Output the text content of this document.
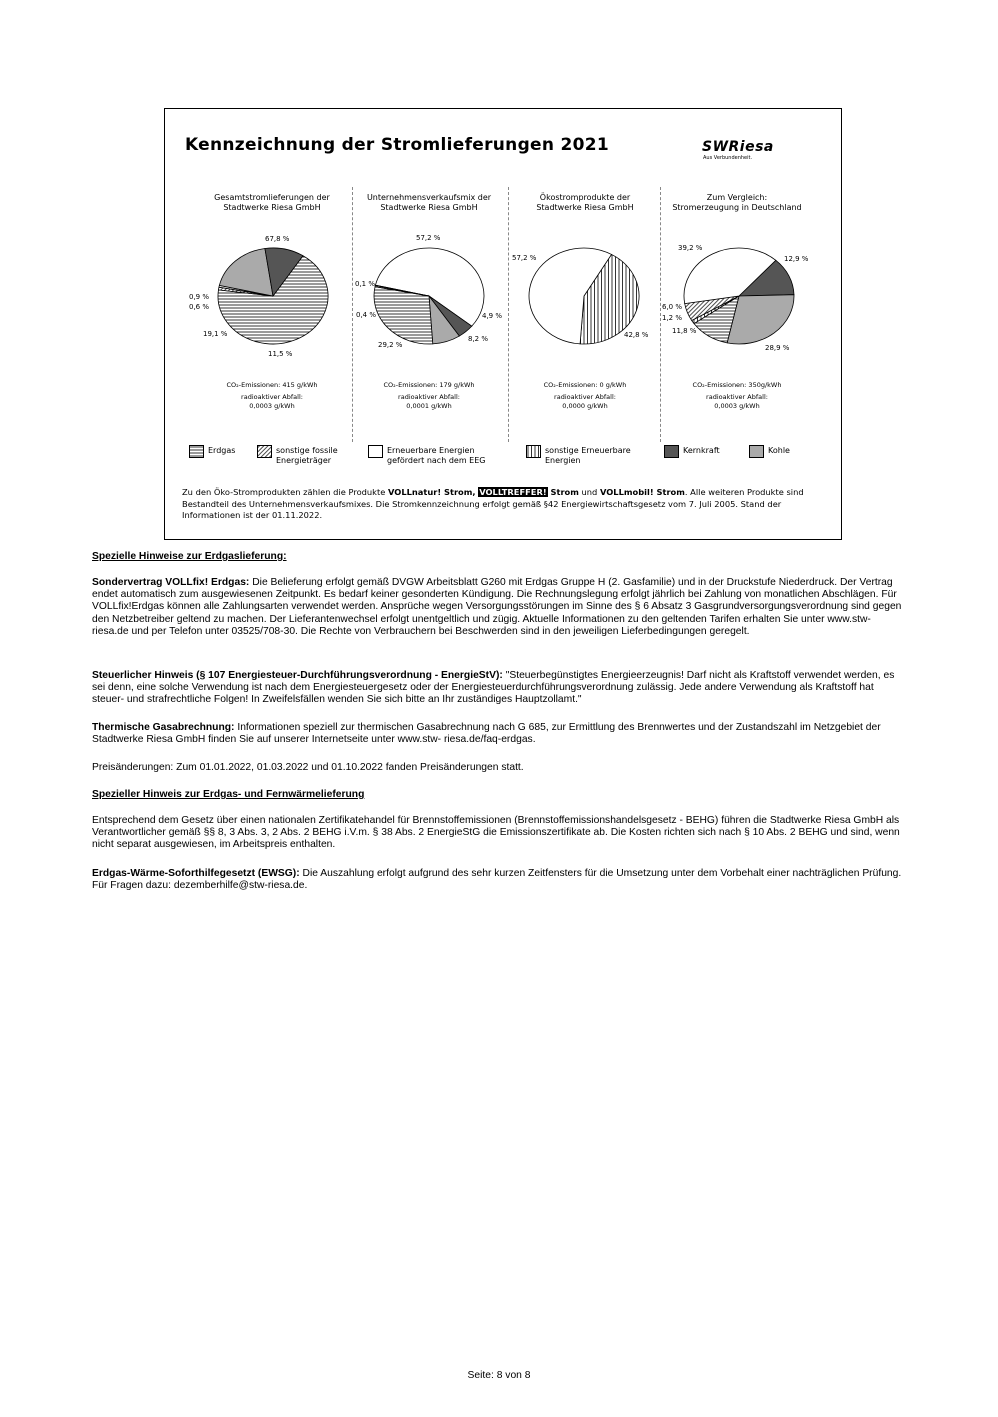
Kennzeichnung der Stromlieferungen 2021	SWRiesa
Aus Verbundenheit.
Gesamtstromlieferungen der
Stadtwerke Riesa GmbH
67,8 %
0,9 %
0,6 %
19,1 %
11,5 %
CO₂-Emissionen: 415 g/kWh
radioaktiver Abfall:
0,0003 g/kWh
Unternehmensverkaufsmix der
Stadtwerke Riesa GmbH
57,2 %
0,1 %
0,4 %
29,2 %
8,2 %
4,9 %
CO₂-Emissionen: 179 g/kWh
radioaktiver Abfall:
0,0001 g/kWh
Ökostromprodukte der
Stadtwerke Riesa GmbH
57,2 %
42,8 %
CO₂-Emissionen: 0 g/kWh
radioaktiver Abfall:
0,0000 g/kWh
Zum Vergleich:
Stromerzeugung in Deutschland
39,2 %
12,9 %
6,0 %
1,2 %
11,8 %
28,9 %
CO₂-Emissionen: 350g/kWh
radioaktiver Abfall:
0,0003 g/kWh
Erdgas	sonstige fossile
Energieträger
Erneuerbare Energien
gefördert nach dem EEG
sonstige Erneuerbare
Energien
Kernkraft	Kohle
Zu den Öko-Stromprodukten zählen die Produkte VOLLnatur! Strom, VOLLTREFFER! Strom und VOLLmobil! Strom. Alle weiteren Produkte sind Bestandteil des Unternehmensverkaufsmixes. Die Stromkennzeichnung erfolgt gemäß §42 Energiewirtschaftsgesetz vom 7. Juli 2005. Stand der Informationen ist der 01.11.2022.
Spezielle Hinweise zur Erdgaslieferung:
Sondervertrag VOLLfix! Erdgas: Die Belieferung erfolgt gemäß DVGW Arbeitsblatt G260 mit Erdgas Gruppe H (2. Gasfamilie) und in der Druckstufe Niederdruck. Der Vertrag endet automatisch zum ausgewiesenen Zeitpunkt. Es bedarf keiner gesonderten Kündigung. Die Rechnungslegung erfolgt jährlich bei Zahlung von monatlichen Abschlägen. Für VOLLfix!Erdgas können alle Zahlungsarten verwendet werden. Ansprüche wegen Versorgungsstörungen im Sinne des § 6 Absatz 3 Gasgrundversorgungsverordnung sind gegen den Netzbetreiber geltend zu machen. Der Lieferantenwechsel erfolgt unentgeltlich und zügig. Aktuelle Informationen zu den geltenden Tarifen erhalten Sie unter www.stw-riesa.de und per Telefon unter 03525/708-30. Die Rechte von Verbrauchern bei Beschwerden sind in den jeweiligen Lieferbedingungen geregelt.
Steuerlicher Hinweis (§ 107 Energiesteuer-Durchführungsverordnung - EnergieStV): "Steuerbegünstigtes Energieerzeugnis! Darf nicht als Kraftstoff verwendet werden, es sei denn, eine solche Verwendung ist nach dem Energiesteuergesetz oder der Energiesteuerdurchführungsverordnung zulässig. Jede andere Verwendung als Kraftstoff hat steuer- und strafrechtliche Folgen! In Zweifelsfällen wenden Sie sich bitte an Ihr zuständiges Hauptzollamt."
Thermische Gasabrechnung: Informationen speziell zur thermischen Gasabrechnung nach G 685, zur Ermittlung des Brennwertes und der Zustandszahl im Netzgebiet der Stadtwerke Riesa GmbH finden Sie auf unserer Internetseite unter www.stw- riesa.de/faq-erdgas.
Preisänderungen: Zum 01.01.2022, 01.03.2022 und 01.10.2022 fanden Preisänderungen statt.
Spezieller Hinweis zur Erdgas- und Fernwärmelieferung
Entsprechend dem Gesetz über einen nationalen Zertifikatehandel für Brennstoffemissionen (Brennstoffemissionshandelsgesetz - BEHG) führen die Stadtwerke Riesa GmbH als Verantwortlicher gemäß §§ 8, 3 Abs. 3, 2 Abs. 2 BEHG i.V.m. § 38 Abs. 2 EnergieStG die Emissionszertifikate ab. Die Kosten richten sich nach § 10 Abs. 2 BEHG und sind, wenn nicht separat ausgewiesen, im Arbeitspreis enthalten.
Erdgas-Wärme-Soforthilfegesetzt (EWSG): Die Auszahlung erfolgt aufgrund des sehr kurzen Zeitfensters für die Umsetzung unter dem Vorbehalt einer nachträglichen Prüfung. Für Fragen dazu: dezemberhilfe@stw-riesa.de.
Seite: 8 von 8
